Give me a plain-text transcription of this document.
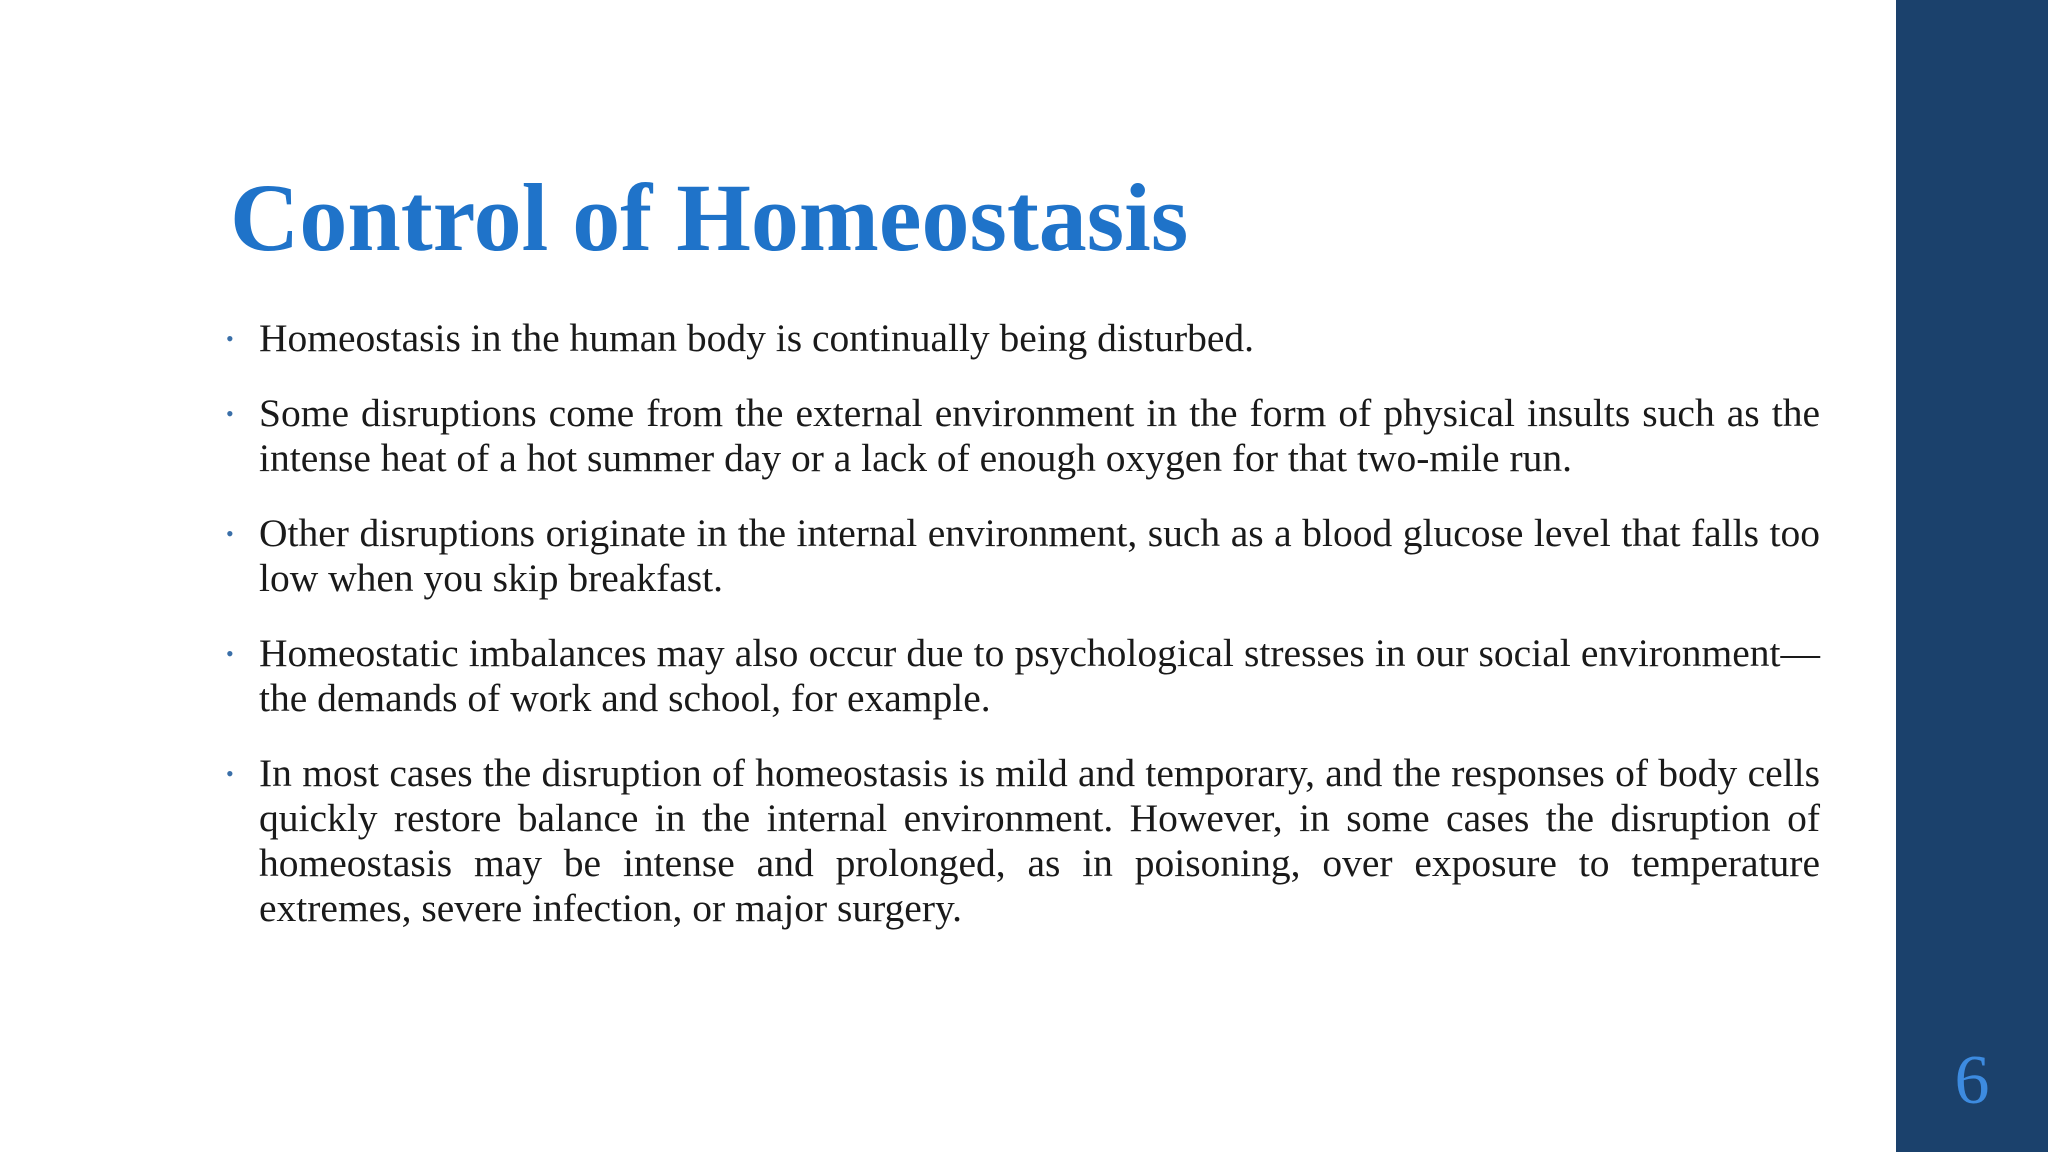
Control of Homeostasis
• Homeostasis in the human body is continually being disturbed.
• Some disruptions come from the external environment in the form of physical insults such as the intense heat of a hot summer day or a lack of enough oxygen for that two-mile run.
• Other disruptions originate in the internal environment, such as a blood glucose level that falls too low when you skip breakfast.
• Homeostatic imbalances may also occur due to psychological stresses in our social environment—the demands of work and school, for example.
• In most cases the disruption of homeostasis is mild and temporary, and the responses of body cells quickly restore balance in the internal environment. However, in some cases the disruption of homeostasis may be intense and prolonged, as in poisoning, over exposure to temperature extremes, severe infection, or major surgery.
6
